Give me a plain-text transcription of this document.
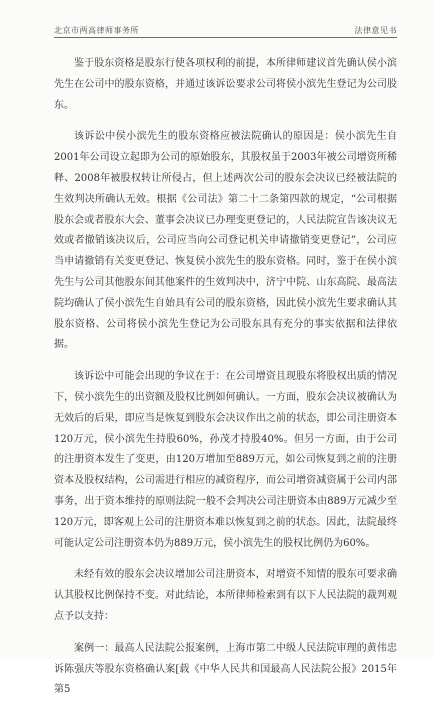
北京市两高律师事务所	法律意见书

鉴于股东资格是股东行使各项权利的前提，本所律师建议首先确认侯小滨先生在公司中的股东资格，并通过该诉讼要求公司将侯小滨先生登记为公司股东。

该诉讼中侯小滨先生的股东资格应被法院确认的原因是：侯小滨先生自2001年公司设立起即为公司的原始股东，其股权虽于2003年被公司增资所稀释、2008年被股权转让所侵占，但上述两次公司的股东会决议已经被法院的生效判决所确认无效。根据《公司法》第二十二条第四款的规定，“公司根据股东会或者股东大会、董事会决议已办理变更登记的，人民法院宣告该决议无效或者撤销该决议后，公司应当向公司登记机关申请撤销变更登记”，公司应当申请撤销有关变更登记、恢复侯小滨先生的股东资格。同时，鉴于在侯小滨先生与公司其他股东间其他案件的生效判决中，济宁中院、山东高院、最高法院均确认了侯小滨先生自始具有公司的股东资格，因此侯小滨先生要求确认其股东资格、公司将侯小滨先生登记为公司股东具有充分的事实依据和法律依据。

该诉讼中可能会出现的争议在于：在公司增资且现股东将股权出质的情况下，侯小滨先生的出资额及股权比例如何确认。一方面，股东会决议被确认为无效后的后果，即应当是恢复到股东会决议作出之前的状态，即公司注册资本120万元，侯小滨先生持股60%，孙茂才持股40%。但另一方面，由于公司的注册资本发生了变更，由120万增加至889万元，如公司恢复到之前的注册资本及股权结构，公司需进行相应的减资程序，而公司增资减资属于公司内部事务，出于资本维持的原则法院一般不会判决公司注册资本由889万元减少至120万元，即客观上公司的注册资本难以恢复到之前的状态。因此，法院最终可能认定公司注册资本仍为889万元，侯小滨先生的股权比例仍为60%。

未经有效的股东会决议增加公司注册资本，对增资不知情的股东可要求确认其股权比例保持不变。对此结论，本所律师检索到有以下人民法院的裁判观点予以支持：

案例一：最高人民法院公报案例，上海市第二中级人民法院审理的黄伟忠诉陈强庆等股东资格确认案[载《中华人民共和国最高人民法院公报》2015年第5
